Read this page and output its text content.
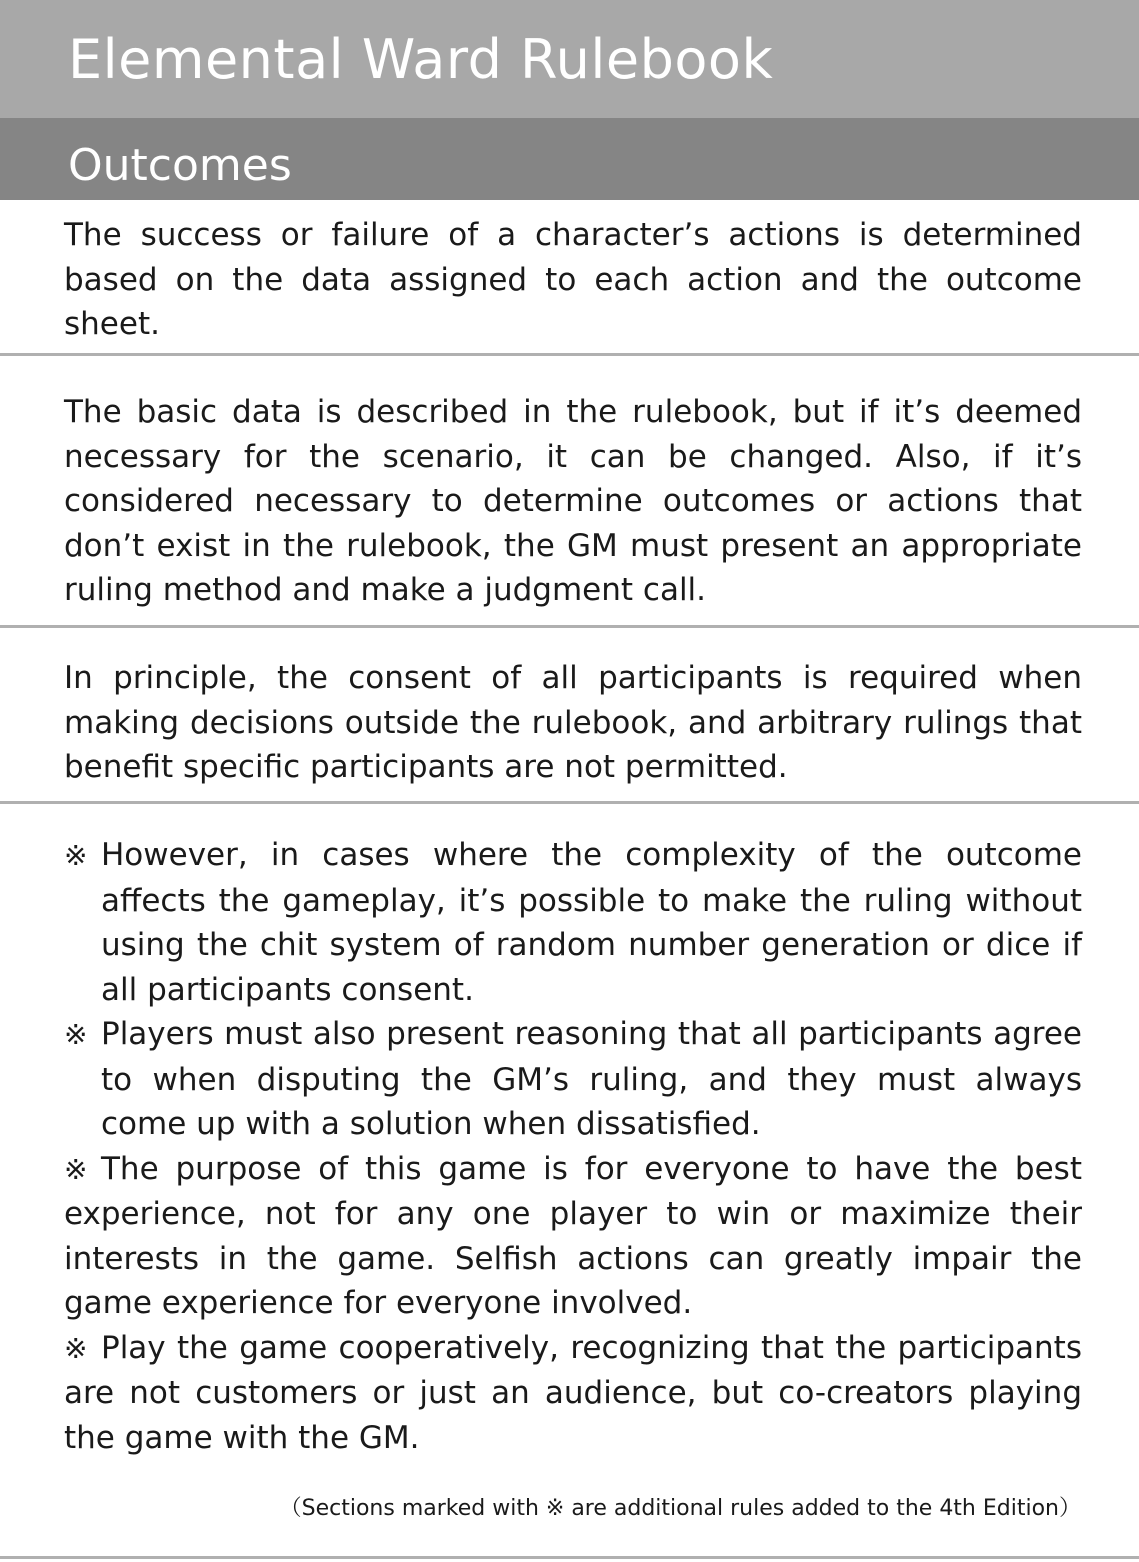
Elemental Ward Rulebook
Outcomes

The success or failure of a character’s actions is determined based on the data assigned to each action and the outcome sheet.

The basic data is described in the rulebook, but if it’s deemed necessary for the scenario, it can be changed. Also, if it’s considered necessary to determine outcomes or actions that don’t exist in the rulebook, the GM must present an appropriate ruling method and make a judgment call.

In principle, the consent of all participants is required when making decisions outside the rulebook, and arbitrary rulings that benefit specific participants are not permitted.

※ However, in cases where the complexity of the outcome affects the gameplay, it’s possible to make the ruling without using the chit system of random number generation or dice if all participants consent.
※ Players must also present reasoning that all participants agree to when disputing the GM’s ruling, and they must always come up with a solution when dissatisfied.
※ The purpose of this game is for everyone to have the best experience, not for any one player to win or maximize their interests in the game. Selfish actions can greatly impair the game experience for everyone involved.
※ Play the game cooperatively, recognizing that the participants are not customers or just an audience, but co-creators playing the game with the GM.
（Sections marked with ※ are additional rules added to the 4th Edition）
